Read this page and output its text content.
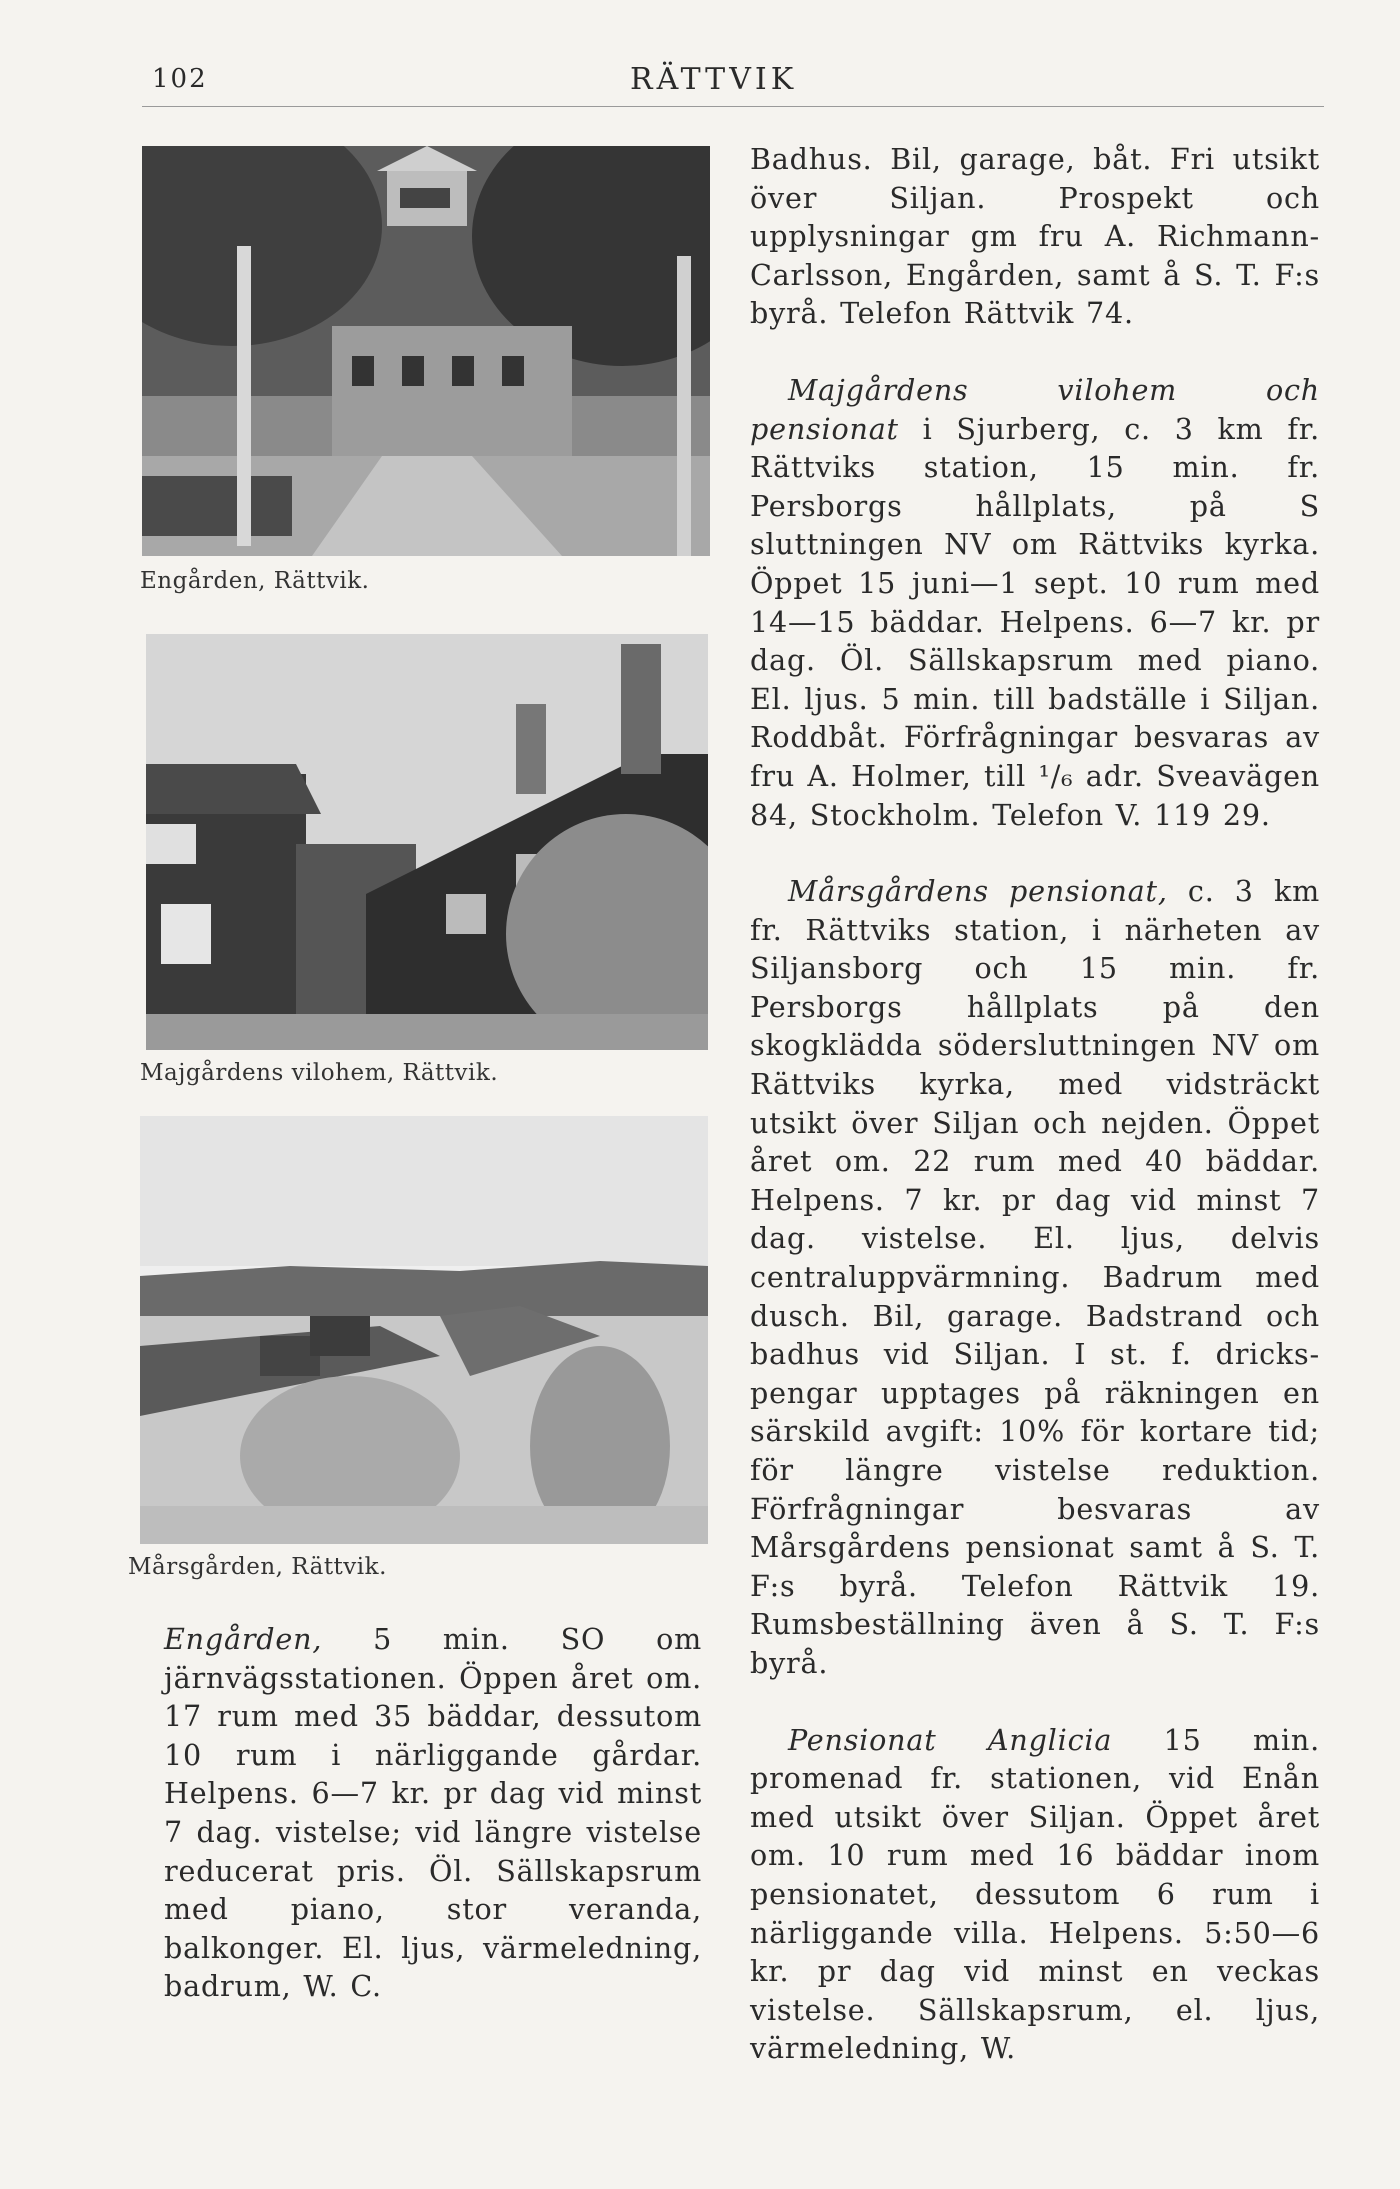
102	RÄTTVIK
Engården, Rättvik.
Majgårdens vilohem, Rättvik.
Mårsgården, Rättvik.

Engården, 5 min. SO om järnvägsstationen. Öppen året om. 17 rum med 35 bäddar, dessutom 10 rum i närliggande gårdar. Helpens. 6—7 kr. pr dag vid minst 7 dag. vistelse; vid längre vistelse reducerat pris. Öl. Sällskapsrum med piano, stor veranda, balkonger. El. ljus, värmeledning, badrum, W. C.

Badhus. Bil, garage, båt. Fri utsikt över Siljan. Prospekt och upplysningar gm fru A. Richmann-Carlsson, Engården, samt å S. T. F:s byrå. Telefon Rättvik 74.

Majgårdens vilohem och pensionat i Sjurberg, c. 3 km fr. Rättviks station, 15 min. fr. Persborgs hållplats, på S sluttningen NV om Rättviks kyrka. Öppet 15 juni—1 sept. 10 rum med 14—15 bäddar. Helpens. 6—7 kr. pr dag. Öl. Sällskapsrum med piano. El. ljus. 5 min. till badställe i Siljan. Roddbåt. Förfrågningar besvaras av fru A. Holmer, till ¹/₆ adr. Sveavägen 84, Stockholm. Telefon V. 119 29.

Mårsgårdens pensionat, c. 3 km fr. Rättviks station, i närheten av Siljansborg och 15 min. fr. Persborgs hållplats på den skogklädda södersluttningen NV om Rättviks kyrka, med vidsträckt utsikt över Siljan och nejden. Öppet året om. 22 rum med 40 bäddar. Helpens. 7 kr. pr dag vid minst 7 dag. vistelse. El. ljus, delvis centraluppvärmning. Badrum med dusch. Bil, garage. Badstrand och badhus vid Siljan. I st. f. dricks-pengar upptages på räkningen en särskild avgift: 10% för kortare tid; för längre vistelse reduktion. Förfrågningar besvaras av Mårsgårdens pensionat samt å S. T. F:s byrå. Telefon Rättvik 19. Rumsbeställning även å S. T. F:s byrå.

Pensionat Anglicia 15 min. promenad fr. stationen, vid Enån med utsikt över Siljan. Öppet året om. 10 rum med 16 bäddar inom pensionatet, dessutom 6 rum i närliggande villa. Helpens. 5:50—6 kr. pr dag vid minst en veckas vistelse. Sällskapsrum, el. ljus, värmeledning, W.
